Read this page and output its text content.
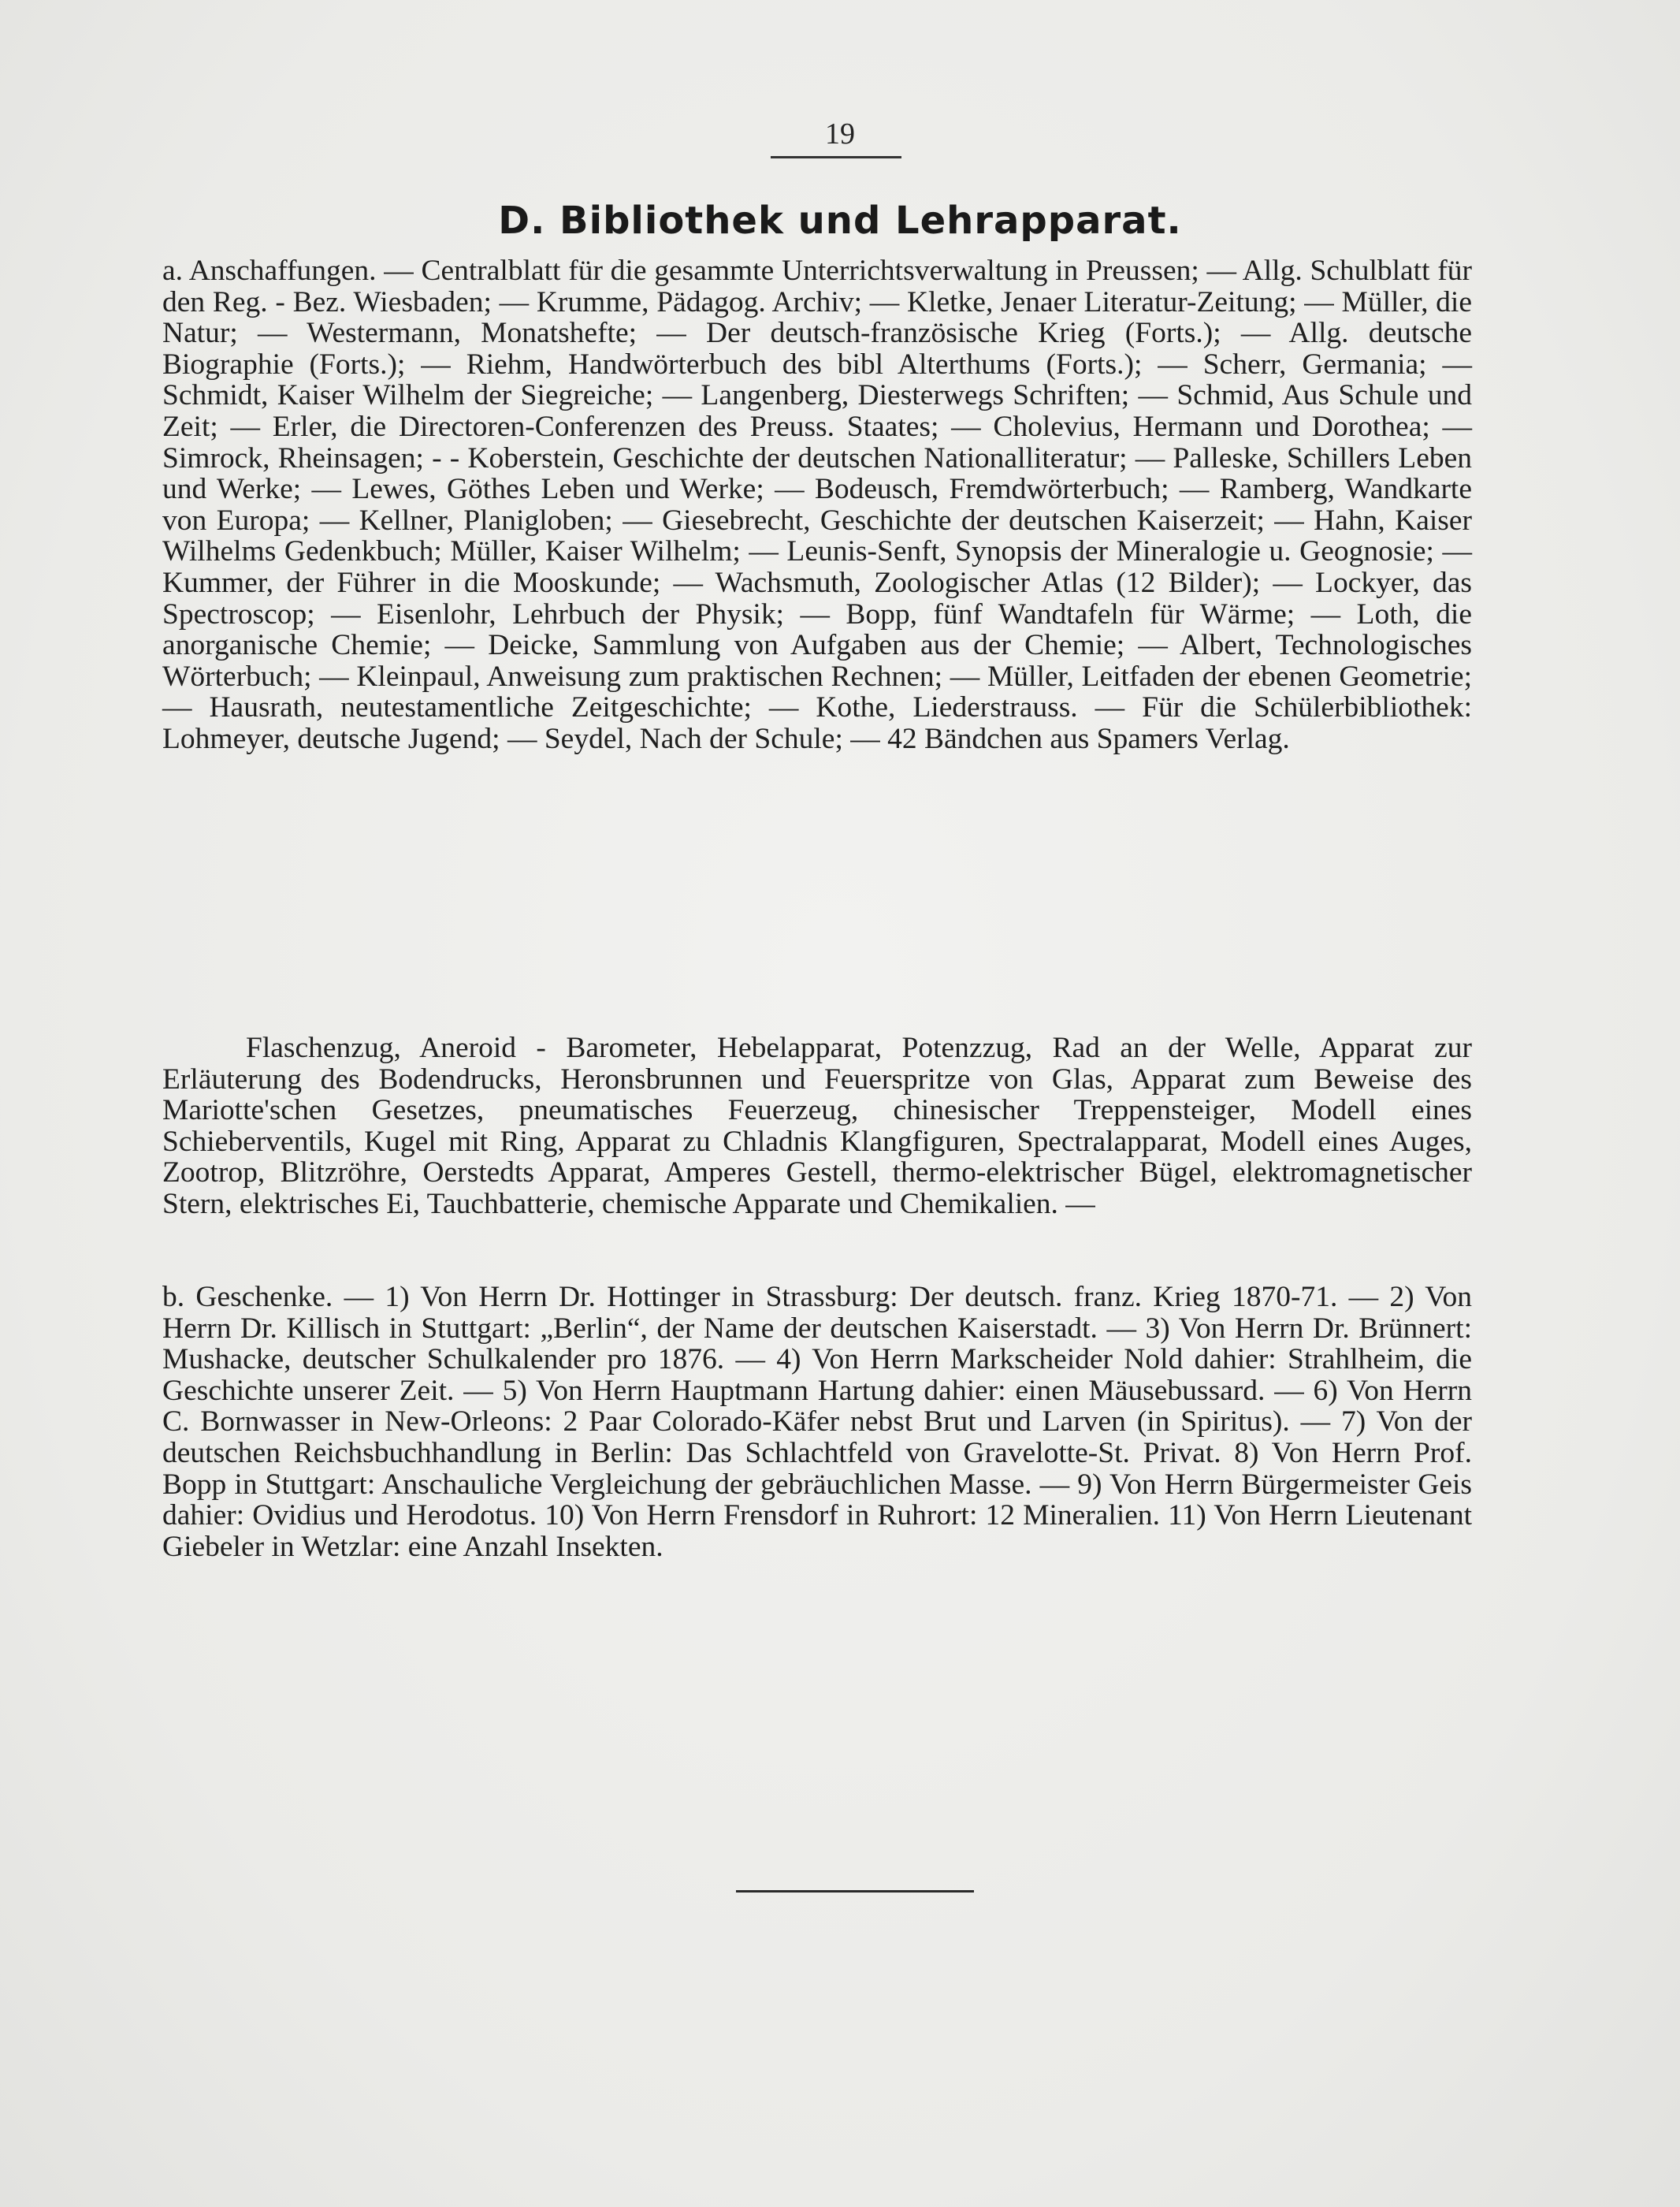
19
D. Bibliothek und Lehrapparat.

a. Anschaffungen. — Centralblatt für die gesammte Unterrichtsverwaltung in Preussen; — Allg. Schulblatt für den Reg. - Bez. Wiesbaden; — Krumme, Pädagog. Archiv; — Kletke, Jenaer Literatur-Zeitung; — Müller, die Natur; — Westermann, Monatshefte; — Der deutsch-französische Krieg (Forts.); — Allg. deutsche Biographie (Forts.); — Riehm, Handwörterbuch des bibl Alterthums (Forts.); — Scherr, Germania; — Schmidt, Kaiser Wilhelm der Siegreiche; — Langenberg, Diesterwegs Schriften; — Schmid, Aus Schule und Zeit; — Erler, die Directoren-Conferenzen des Preuss. Staates; — Cholevius, Hermann und Dorothea; — Simrock, Rheinsagen; - - Koberstein, Geschichte der deutschen Nationalliteratur; — Palleske, Schillers Leben und Werke; — Lewes, Göthes Leben und Werke; — Bodeusch, Fremdwörterbuch; — Ramberg, Wandkarte von Europa; — Kellner, Planigloben; — Giesebrecht, Geschichte der deutschen Kaiserzeit; — Hahn, Kaiser Wilhelms Gedenkbuch; Müller, Kaiser Wilhelm; — Leunis-Senft, Synopsis der Mineralogie u. Geognosie; — Kummer, der Führer in die Mooskunde; — Wachsmuth, Zoologischer Atlas (12 Bilder); — Lockyer, das Spectroscop; — Eisenlohr, Lehrbuch der Physik; — Bopp, fünf Wandtafeln für Wärme; — Loth, die anorganische Chemie; — Deicke, Sammlung von Aufgaben aus der Chemie; — Albert, Technologisches Wörterbuch; — Kleinpaul, Anweisung zum praktischen Rechnen; — Müller, Leitfaden der ebenen Geometrie; — Hausrath, neutestamentliche Zeitgeschichte; — Kothe, Liederstrauss. — Für die Schülerbibliothek: Lohmeyer, deutsche Jugend; — Seydel, Nach der Schule; — 42 Bändchen aus Spamers Verlag.

Flaschenzug, Aneroid - Barometer, Hebelapparat, Potenzzug, Rad an der Welle, Apparat zur Erläuterung des Bodendrucks, Heronsbrunnen und Feuerspritze von Glas, Apparat zum Beweise des Mariotte'schen Gesetzes, pneumatisches Feuerzeug, chinesischer Treppensteiger, Modell eines Schieberventils, Kugel mit Ring, Apparat zu Chladnis Klangfiguren, Spectralapparat, Modell eines Auges, Zootrop, Blitzröhre, Oerstedts Apparat, Amperes Gestell, thermo-elektrischer Bügel, elektromagnetischer Stern, elektrisches Ei, Tauchbatterie, chemische Apparate und Chemikalien. —

b. Geschenke. — 1) Von Herrn Dr. Hottinger in Strassburg: Der deutsch. franz. Krieg 1870-71. — 2) Von Herrn Dr. Killisch in Stuttgart: „Berlin“, der Name der deutschen Kaiserstadt. — 3) Von Herrn Dr. Brünnert: Mushacke, deutscher Schulkalender pro 1876. — 4) Von Herrn Markscheider Nold dahier: Strahlheim, die Geschichte unserer Zeit. — 5) Von Herrn Hauptmann Hartung dahier: einen Mäusebussard. — 6) Von Herrn C. Bornwasser in New-Orleons: 2 Paar Colorado-Käfer nebst Brut und Larven (in Spiritus). — 7) Von der deutschen Reichsbuchhandlung in Berlin: Das Schlachtfeld von Gravelotte-St. Privat. 8) Von Herrn Prof. Bopp in Stuttgart: Anschauliche Vergleichung der gebräuchlichen Masse. — 9) Von Herrn Bürgermeister Geis dahier: Ovidius und Herodotus. 10) Von Herrn Frensdorf in Ruhrort: 12 Mineralien. 11) Von Herrn Lieutenant Giebeler in Wetzlar: eine Anzahl Insekten.
